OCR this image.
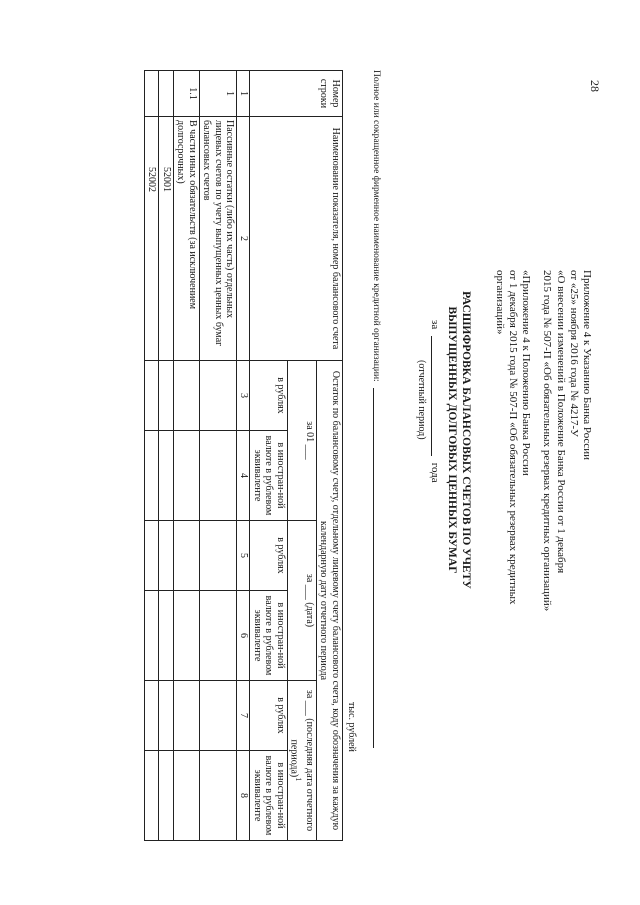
28
Приложение 4 к Указанию Банка России
от «25» ноября 2016 года № 4217-У
«О внесении изменений в Положение Банка России от 1 декабря
2015 года № 507-П «Об обязательных резервах кредитных организаций»
«Приложение 4 к Положению Банка России
от 1 декабря 2015 года № 507-П «Об обязательных резервах кредитных
организаций»
РАСШИФРОВКА БАЛАНСОВЫХ СЧЕТОВ ПО УЧЕТУ
ВЫПУЩЕННЫХ ДОЛГОВЫХ ЦЕННЫХ БУМАГ
за  года
(отчетный период)
Полное или сокращенное фирменное наименование кредитной организации:
тыс. рублей
Номер строки	Наименование показателя, номер балансового счета	Остаток по балансовому счету, отдельному лицевому счету балансового счета, коду обозначения за каждую календарную дату отчетного периода					
		за 01 ___		за ___ (дата)		за ___ (последняя дата отчетного периода)$^1$
		в рублях	в иностран-ной валюте в рублевом эквиваленте	в рублях	в иностран-ной валюте в рублевом эквиваленте	в рублях	в иностран-ной валюте в рублевом эквиваленте
1	2	3	4	5	6	7	8
1	Пассивные остатки (либо их часть) отдельных лицевых счетов по учету выпущенных ценных бумаг балансовых счетов						
1.1	В части иных обязательств (за исключением долгосрочных)						
	52001						
	52002						
